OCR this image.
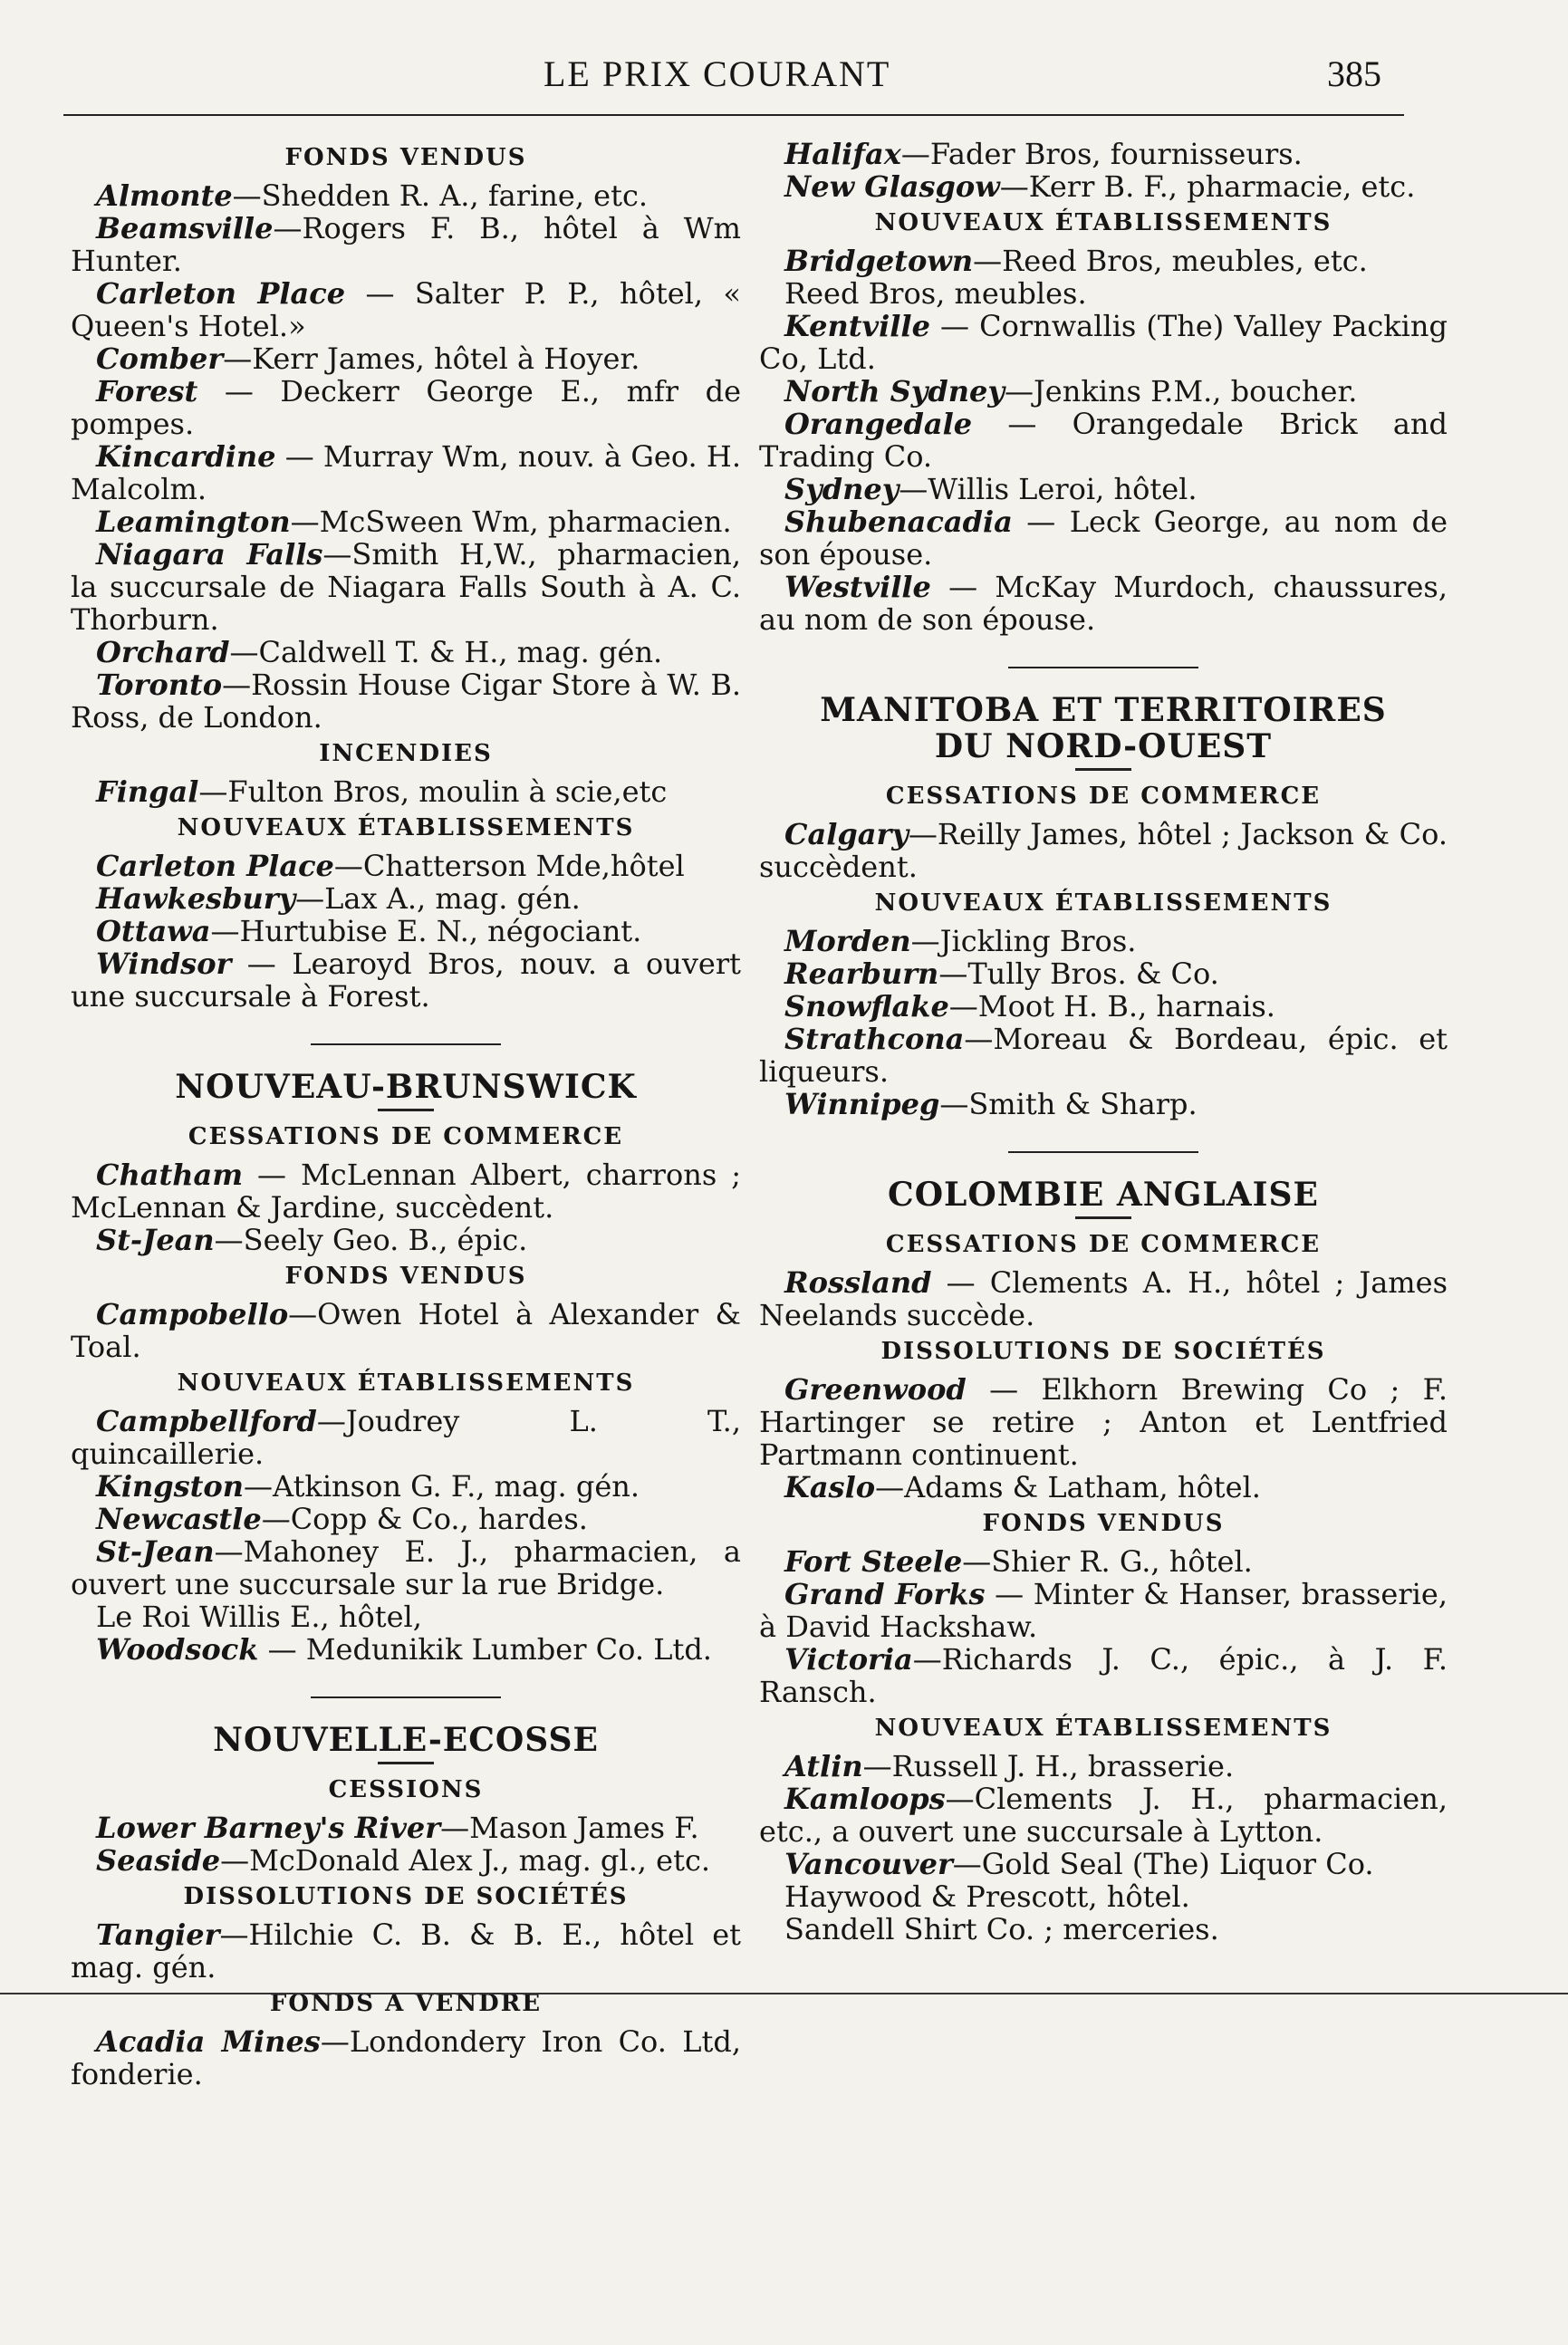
LE PRIX COURANT	385
FONDS VENDUS

Almonte—Shedden R. A., farine, etc.

Beamsville—Rogers F. B., hôtel à Wm Hunter.

Carleton Place — Salter P. P., hôtel, « Queen's Hotel.»

Comber—Kerr James, hôtel à Hoyer.

Forest — Deckerr George E., mfr de pompes.

Kincardine — Murray Wm, nouv. à Geo. H. Malcolm.

Leamington—McSween Wm, pharmacien.

Niagara Falls—Smith H,W., pharmacien, la succursale de Niagara Falls South à A. C. Thorburn.

Orchard—Caldwell T. & H., mag. gén.

Toronto—Rossin House Cigar Store à W. B. Ross, de London.

INCENDIES

Fingal—Fulton Bros, moulin à scie,etc

NOUVEAUX ÉTABLISSEMENTS

Carleton Place—Chatterson Mde,hôtel

Hawkesbury—Lax A., mag. gén.

Ottawa—Hurtubise E. N., négociant.

Windsor — Learoyd Bros, nouv. a ouvert une succursale à Forest.

NOUVEAU-BRUNSWICK
CESSATIONS DE COMMERCE

Chatham — McLennan Albert, charrons ; McLennan & Jardine, succèdent.

St-Jean—Seely Geo. B., épic.

FONDS VENDUS

Campobello—Owen Hotel à Alexander & Toal.

NOUVEAUX ÉTABLISSEMENTS

Campbellford—Joudrey L. T., quincaillerie.

Kingston—Atkinson G. F., mag. gén.

Newcastle—Copp & Co., hardes.

St-Jean—Mahoney E. J., pharmacien, a ouvert une succursale sur la rue Bridge.

Le Roi Willis E., hôtel,

Woodsock — Medunikik Lumber Co. Ltd.

NOUVELLE-ECOSSE
CESSIONS

Lower Barney's River—Mason James F.

Seaside—McDonald Alex J., mag. gl., etc.

DISSOLUTIONS DE SOCIÉTÉS

Tangier—Hilchie C. B. & B. E., hôtel et mag. gén.

FONDS A VENDRE

Acadia Mines—Londondery Iron Co. Ltd, fonderie.

Halifax—Fader Bros, fournisseurs.

New Glasgow—Kerr B. F., pharmacie, etc.

NOUVEAUX ÉTABLISSEMENTS

Bridgetown—Reed Bros, meubles, etc.

Reed Bros, meubles.

Kentville — Cornwallis (The) Valley Packing Co, Ltd.

North Sydney—Jenkins P.M., boucher.

Orangedale — Orangedale Brick and Trading Co.

Sydney—Willis Leroi, hôtel.

Shubenacadia — Leck George, au nom de son épouse.

Westville — McKay Murdoch, chaussures, au nom de son épouse.

MANITOBA ET TERRITOIRES
DU NORD-OUEST
CESSATIONS DE COMMERCE

Calgary—Reilly James, hôtel ; Jackson & Co. succèdent.

NOUVEAUX ÉTABLISSEMENTS

Morden—Jickling Bros.

Rearburn—Tully Bros. & Co.

Snowflake—Moot H. B., harnais.

Strathcona—Moreau & Bordeau, épic. et liqueurs.

Winnipeg—Smith & Sharp.

COLOMBIE ANGLAISE
CESSATIONS DE COMMERCE

Rossland — Clements A. H., hôtel ; James Neelands succède.

DISSOLUTIONS DE SOCIÉTÉS

Greenwood — Elkhorn Brewing Co ; F. Hartinger se retire ; Anton et Lentfried Partmann continuent.

Kaslo—Adams & Latham, hôtel.

FONDS VENDUS

Fort Steele—Shier R. G., hôtel.

Grand Forks — Minter & Hanser, brasserie, à David Hackshaw.

Victoria—Richards J. C., épic., à J. F. Ransch.

NOUVEAUX ÉTABLISSEMENTS

Atlin—Russell J. H., brasserie.

Kamloops—Clements J. H., pharmacien, etc., a ouvert une succursale à Lytton.

Vancouver—Gold Seal (The) Liquor Co.

Haywood & Prescott, hôtel.

Sandell Shirt Co. ; merceries.
